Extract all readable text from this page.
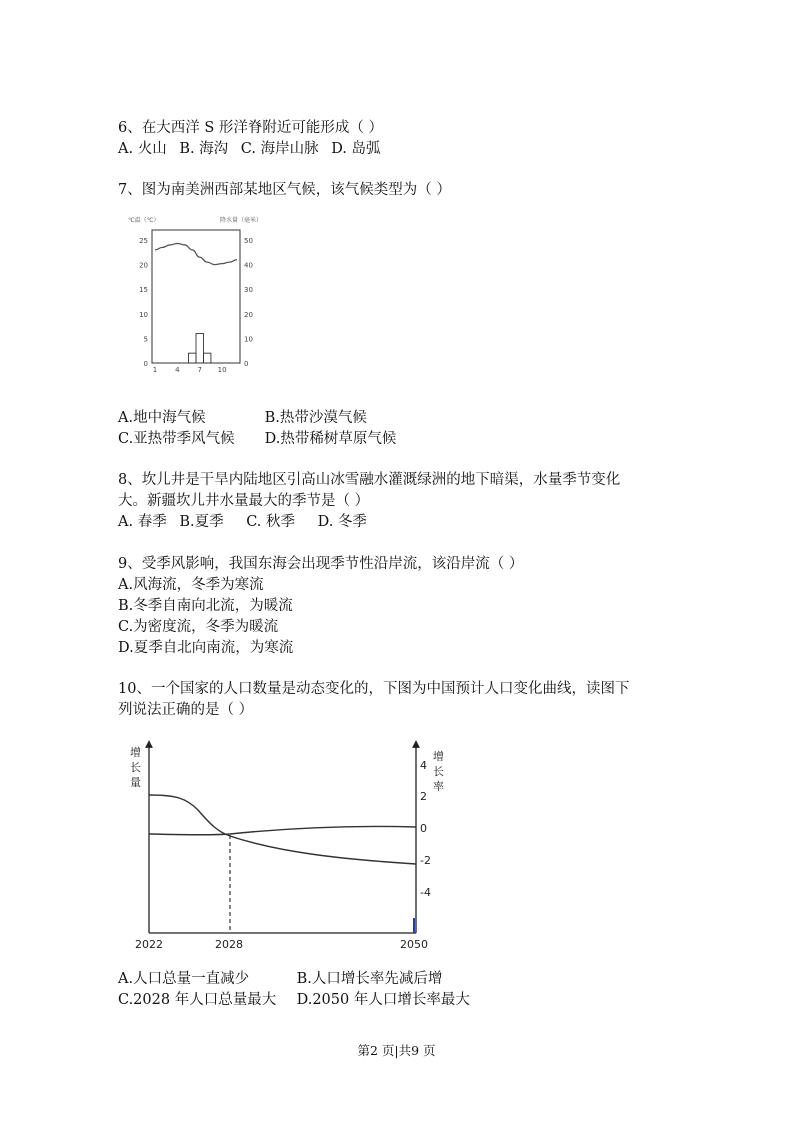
6、在大西洋 S 形洋脊附近可能形成（ ）
A. 火山 B. 海沟 C. 海岸山脉 D. 岛弧
7、图为南美洲西部某地区气候，该气候类型为（ ）
℃温（℃）	降水量（毫米）
25
20
15
10
5
0
50
40
30
20
10
0
1	4	7 10
A.地中海气候	B.热带沙漠气候
C.亚热带季风气候 D.热带稀树草原气候
8、坎儿井是干旱内陆地区引高山冰雪融水灌溉绿洲的地下暗渠，水量季节变化
大。新疆坎儿井水量最大的季节是（ ）
A. 春季 B.夏季 C. 秋季 D. 冬季
9、受季风影响，我国东海会出现季节性沿岸流，该沿岸流（ ）
A.风海流，冬季为寒流
B.冬季自南向北流，为暖流
C.为密度流，冬季为暖流
D.夏季自北向南流，为寒流
10、一个国家的人口数量是动态变化的，下图为中国预计人口变化曲线，读图下
列说法正确的是（ ）
增
长
量
增
长
率
4
2
0
-2
-4
2022	2028	2050
A.人口总量一直减少	B.人口增长率先减后增
C.2028 年人口总量最大 D.2050 年人口增长率最大
第2 页|共9 页
